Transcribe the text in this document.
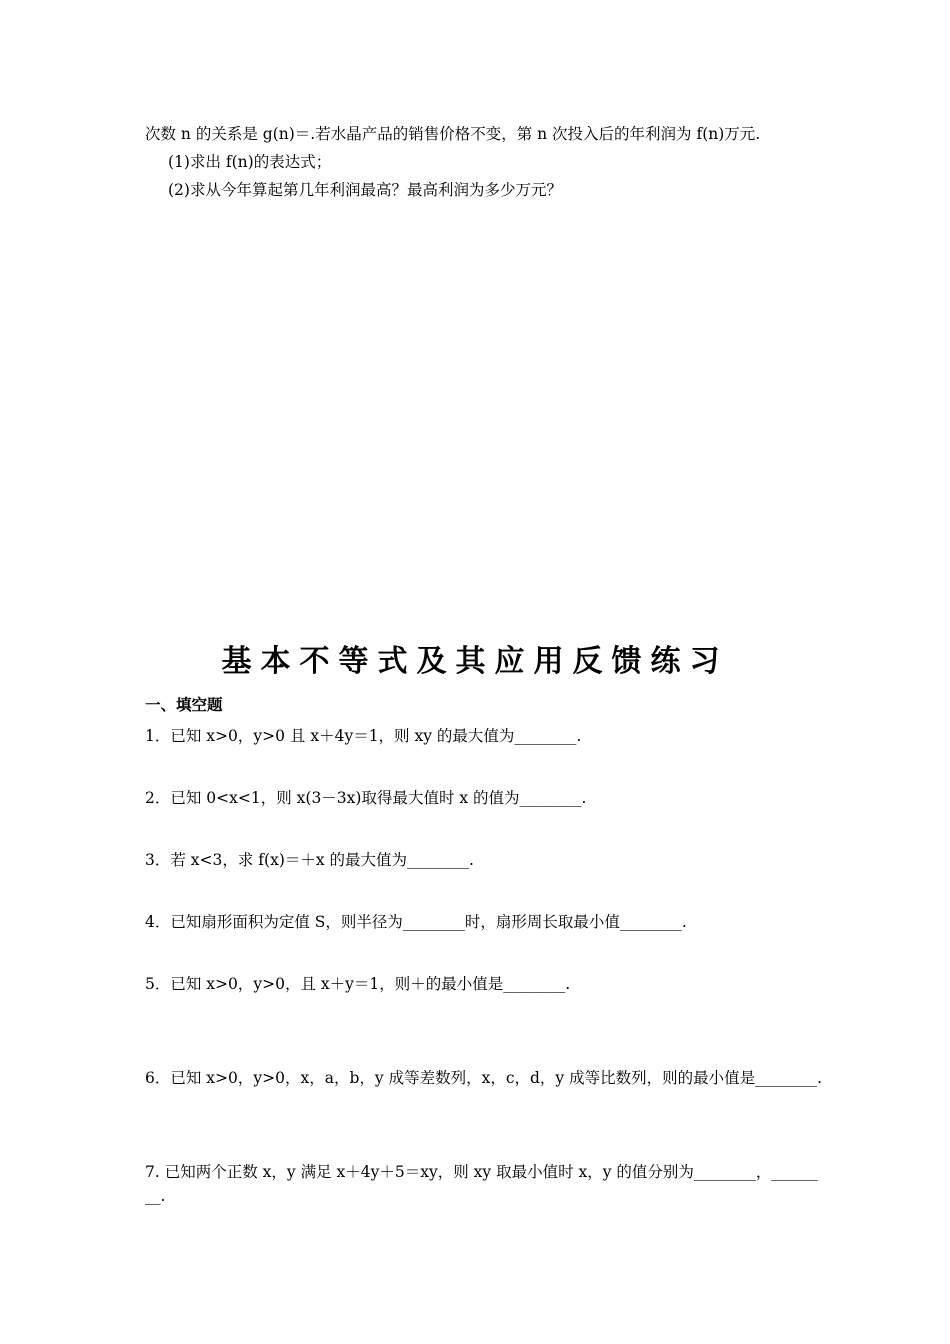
次数 n 的关系是 g(n)＝.若水晶产品的销售价格不变，第 n 次投入后的年利润为 f(n)万元.
(1)求出 f(n)的表达式；
(2)求从今年算起第几年利润最高？最高利润为多少万元？
基本不等式及其应用反馈练习
一、填空题
1．已知 x>0，y>0 且 x＋4y＝1，则 xy 的最大值为________.
2．已知 0<x<1，则 x(3－3x)取得最大值时 x 的值为________.
3．若 x<3，求 f(x)＝＋x 的最大值为________.
4．已知扇形面积为定值 S，则半径为________时，扇形周长取最小值________.
5．已知 x>0，y>0，且 x＋y＝1，则＋的最小值是________.
6．已知 x>0，y>0，x，a，b，y 成等差数列，x，c，d，y 成等比数列，则的最小值是________.
7. 已知两个正数 x，y 满足 x＋4y＋5＝xy，则 xy 取最小值时 x，y 的值分别为________，______
__.
